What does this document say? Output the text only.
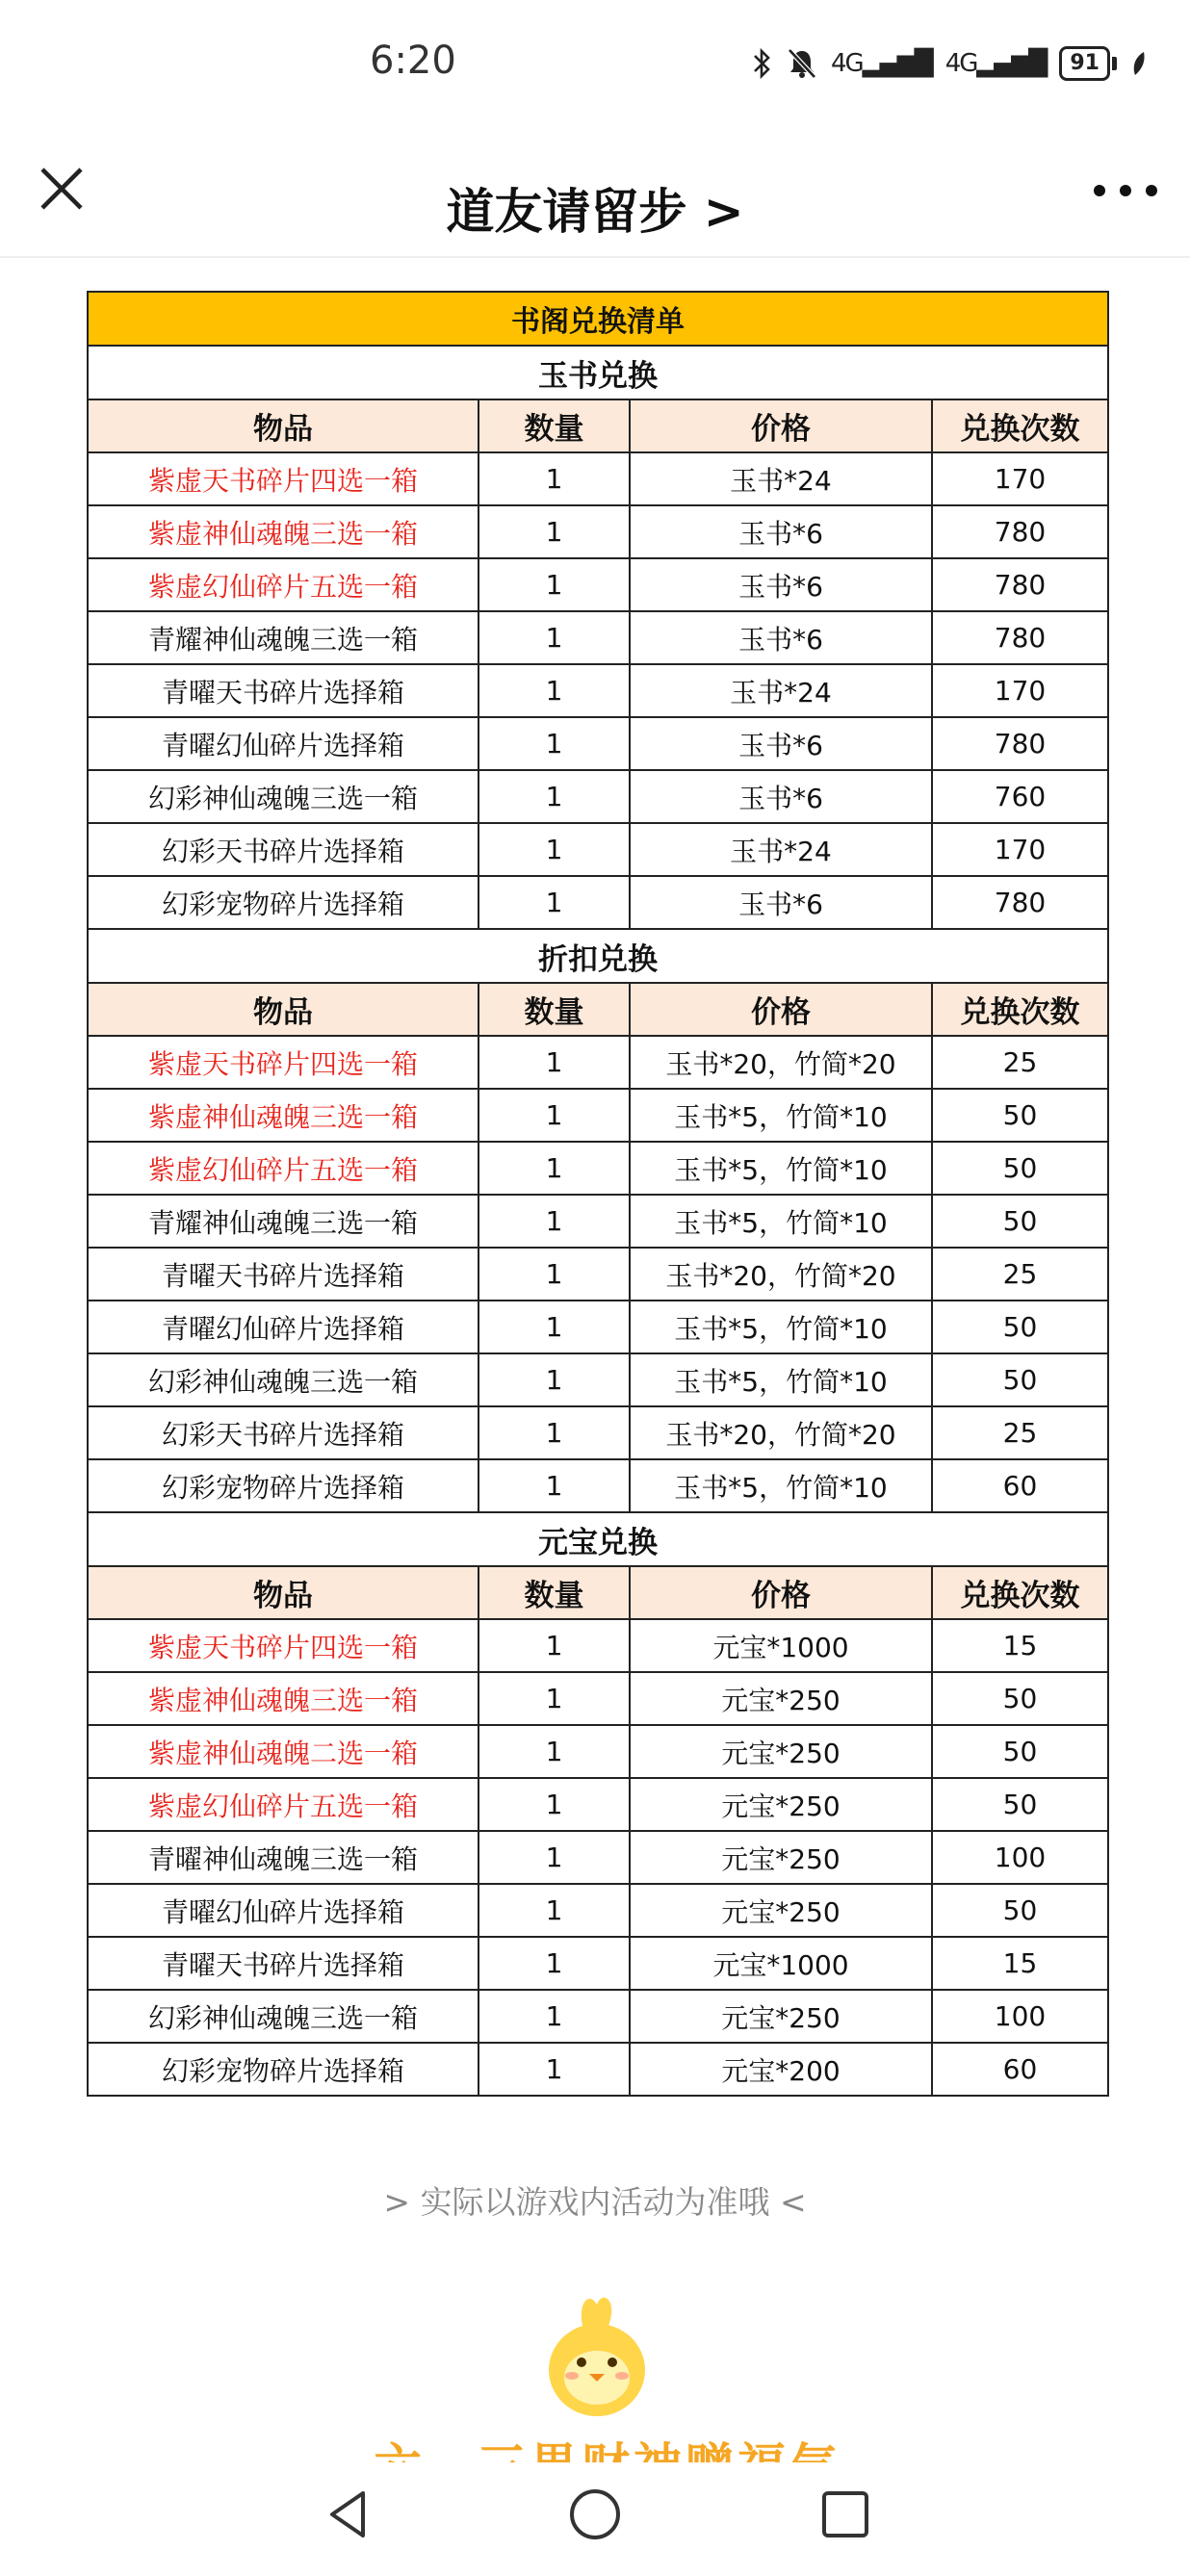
6:20	4G▂▄▆█ 4G▂▄▆█	91
道友请留步 >
书阁兑换清单			
玉书兑换			
物品	数量	价格	兑换次数
紫虚天书碎片四选一箱	1	玉书*24	170
紫虚神仙魂魄三选一箱	1	玉书*6	780
紫虚幻仙碎片五选一箱	1	玉书*6	780
青耀神仙魂魄三选一箱	1	玉书*6	780
青曜天书碎片选择箱	1	玉书*24	170
青曜幻仙碎片选择箱	1	玉书*6	780
幻彩神仙魂魄三选一箱	1	玉书*6	760
幻彩天书碎片选择箱	1	玉书*24	170
幻彩宠物碎片选择箱	1	玉书*6	780
折扣兑换			
物品	数量	价格	兑换次数
紫虚天书碎片四选一箱	1	玉书*20，竹简*20	25
紫虚神仙魂魄三选一箱	1	玉书*5，竹简*10	50
紫虚幻仙碎片五选一箱	1	玉书*5，竹简*10	50
青耀神仙魂魄三选一箱	1	玉书*5，竹简*10	50
青曜天书碎片选择箱	1	玉书*20，竹简*20	25
青曜幻仙碎片选择箱	1	玉书*5，竹简*10	50
幻彩神仙魂魄三选一箱	1	玉书*5，竹简*10	50
幻彩天书碎片选择箱	1	玉书*20，竹简*20	25
幻彩宠物碎片选择箱	1	玉书*5，竹简*10	60
元宝兑换			
物品	数量	价格	兑换次数
紫虚天书碎片四选一箱	1	元宝*1000	15
紫虚神仙魂魄三选一箱	1	元宝*250	50
紫虚神仙魂魄二选一箱	1	元宝*250	50
紫虚幻仙碎片五选一箱	1	元宝*250	50
青曜神仙魂魄三选一箱	1	元宝*250	100
青曜幻仙碎片选择箱	1	元宝*250	50
青曜天书碎片选择箱	1	元宝*1000	15
幻彩神仙魂魄三选一箱	1	元宝*250	100
幻彩宠物碎片选择箱	1	元宝*200	60
> 实际以游戏内活动为准哦 <
